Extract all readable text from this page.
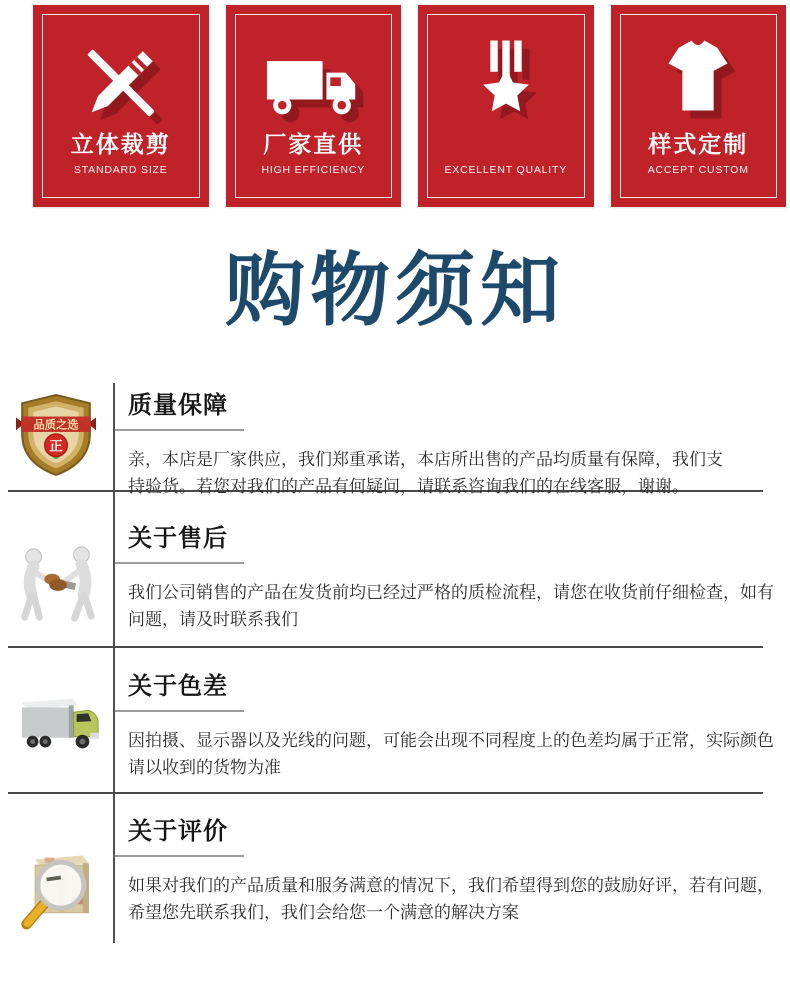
立体裁剪
STANDARD SIZE
厂家直供
HIGH EFFICIENCY	EXCELLENT QUALITY
样式定制
ACCEPT CUSTOM
购物须知
正
品质之选
质量保障

亲，本店是厂家供应，我们郑重承诺，本店所出售的产品均质量有保障，我们支持验货。若您对我们的产品有何疑问，请联系咨询我们的在线客服，谢谢。

关于售后

我们公司销售的产品在发货前均已经过严格的质检流程，请您在收货前仔细检查，如有问题，请及时联系我们

关于色差

因拍摄、显示器以及光线的问题，可能会出现不同程度上的色差均属于正常，实际颜色请以收到的货物为准

关于评价

如果对我们的产品质量和服务满意的情况下，我们希望得到您的鼓励好评，若有问题，希望您先联系我们，我们会给您一个满意的解决方案
